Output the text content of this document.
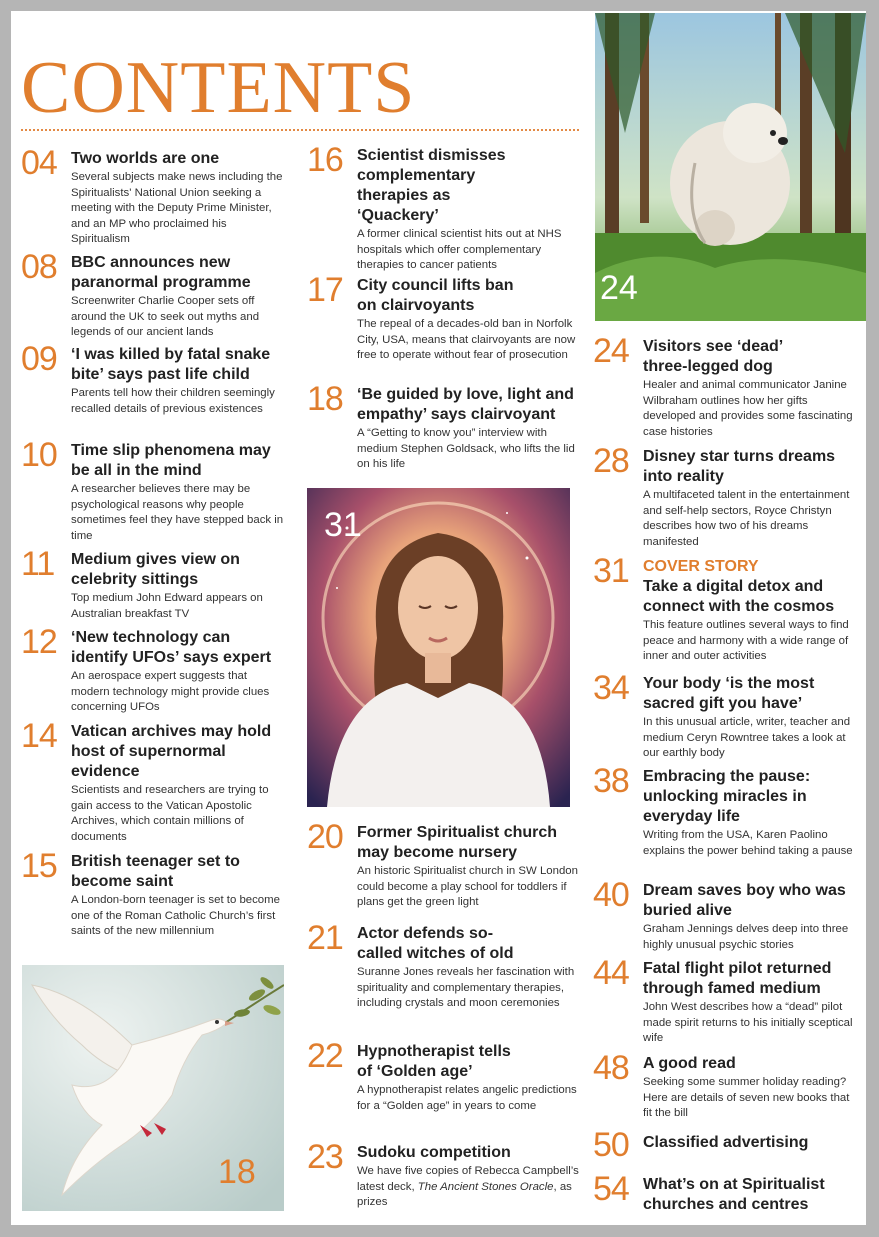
CONTENTS
04 Two worlds are one
Several subjects make news including the Spiritualists' National Union seeking a meeting with the Deputy Prime Minister, and an MP who proclaimed his Spiritualism
08 BBC announces new paranormal programme
Screenwriter Charlie Cooper sets off around the UK to seek out myths and legends of our ancient lands
09 ‘I was killed by fatal snake bite’ says past life child
Parents tell how their children seemingly recalled details of previous existences
10 Time slip phenomena may be all in the mind
A researcher believes there may be psychological reasons why people sometimes feel they have stepped back in time
11 Medium gives view on celebrity sittings
Top medium John Edward appears on Australian breakfast TV
12 ‘New technology can identify UFOs’ says expert
An aerospace expert suggests that modern technology might provide clues concerning UFOs
14 Vatican archives may hold host of supernormal evidence
Scientists and researchers are trying to gain access to the Vatican Apostolic Archives, which contain millions of documents
15 British teenager set to become saint
A London-born teenager is set to become one of the Roman Catholic Church’s first saints of the new millennium
18
16 Scientist dismisses complementary therapies as ‘Quackery’
A former clinical scientist hits out at NHS hospitals which offer complementary therapies to cancer patients
17 City council lifts ban on clairvoyants
The repeal of a decades-old ban in Norfolk City, USA, means that clairvoyants are now free to operate without fear of prosecution
18 ‘Be guided by love, light and empathy’ says clairvoyant
A “Getting to know you” interview with medium Stephen Goldsack, who lifts the lid on his life
31
20 Former Spiritualist church may become nursery
An historic Spiritualist church in SW London could become a play school for toddlers if plans get the green light
21 Actor defends so-called witches of old
Suranne Jones reveals her fascination with spirituality and complementary therapies, including crystals and moon ceremonies
22 Hypnotherapist tells of ‘Golden age’
A hypnotherapist relates angelic predictions for a “Golden age” in years to come
23 Sudoku competition
We have five copies of Rebecca Campbell’s latest deck, The Ancient Stones Oracle, as prizes
24
24 Visitors see ‘dead’ three-legged dog
Healer and animal communicator Janine Wilbraham outlines how her gifts developed and provides some fascinating case histories
28 Disney star turns dreams into reality
A multifaceted talent in the entertainment and self-help sectors, Royce Christyn describes how two of his dreams manifested
31 COVER STORY
Take a digital detox and connect with the cosmos
This feature outlines several ways to find peace and harmony with a wide range of inner and outer activities
34 Your body ‘is the most sacred gift you have’
In this unusual article, writer, teacher and medium Ceryn Rowntree takes a look at our earthly body
38 Embracing the pause: unlocking miracles in everyday life
Writing from the USA, Karen Paolino explains the power behind taking a pause
40 Dream saves boy who was buried alive
Graham Jennings delves deep into three highly unusual psychic stories
44 Fatal flight pilot returned through famed medium
John West describes how a “dead” pilot made spirit returns to his initially sceptical wife
48 A good read
Seeking some summer holiday reading? Here are details of seven new books that fit the bill
50 Classified advertising
54 What’s on at Spiritualist churches and centres
